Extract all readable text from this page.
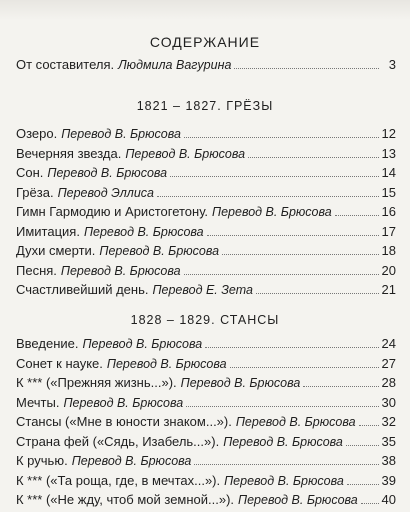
СОДЕРЖАНИЕ
От составителя. Людмила Вагурина	3
1821 – 1827. ГРЁЗЫ
Озеро. Перевод В. Брюсова	12
Вечерняя звезда. Перевод В. Брюсова	13
Сон. Перевод В. Брюсова	14
Грёза. Перевод Эллиса	15
Гимн Гармодию и Аристогетону. Перевод В. Брюсова	16
Имитация. Перевод В. Брюсова	17
Духи смерти. Перевод В. Брюсова	18
Песня. Перевод В. Брюсова	20
Счастливейший день. Перевод Е. Зета	21
1828 – 1829. СТАНСЫ
Введение. Перевод В. Брюсова	24
Сонет к науке. Перевод В. Брюсова	27
К *** («Прежняя жизнь...»). Перевод В. Брюсова	28
Мечты. Перевод В. Брюсова	30
Стансы («Мне в юности знаком...»). Перевод В. Брюсова 32
Страна фей («Сядь, Изабель...»). Перевод В. Брюсова	35
К ручью. Перевод В. Брюсова	38
К *** («Та роща, где, в мечтах...»). Перевод В. Брюсова	39
К *** («Не жду, чтоб мой земной...»). Перевод В. Брюсова 40
